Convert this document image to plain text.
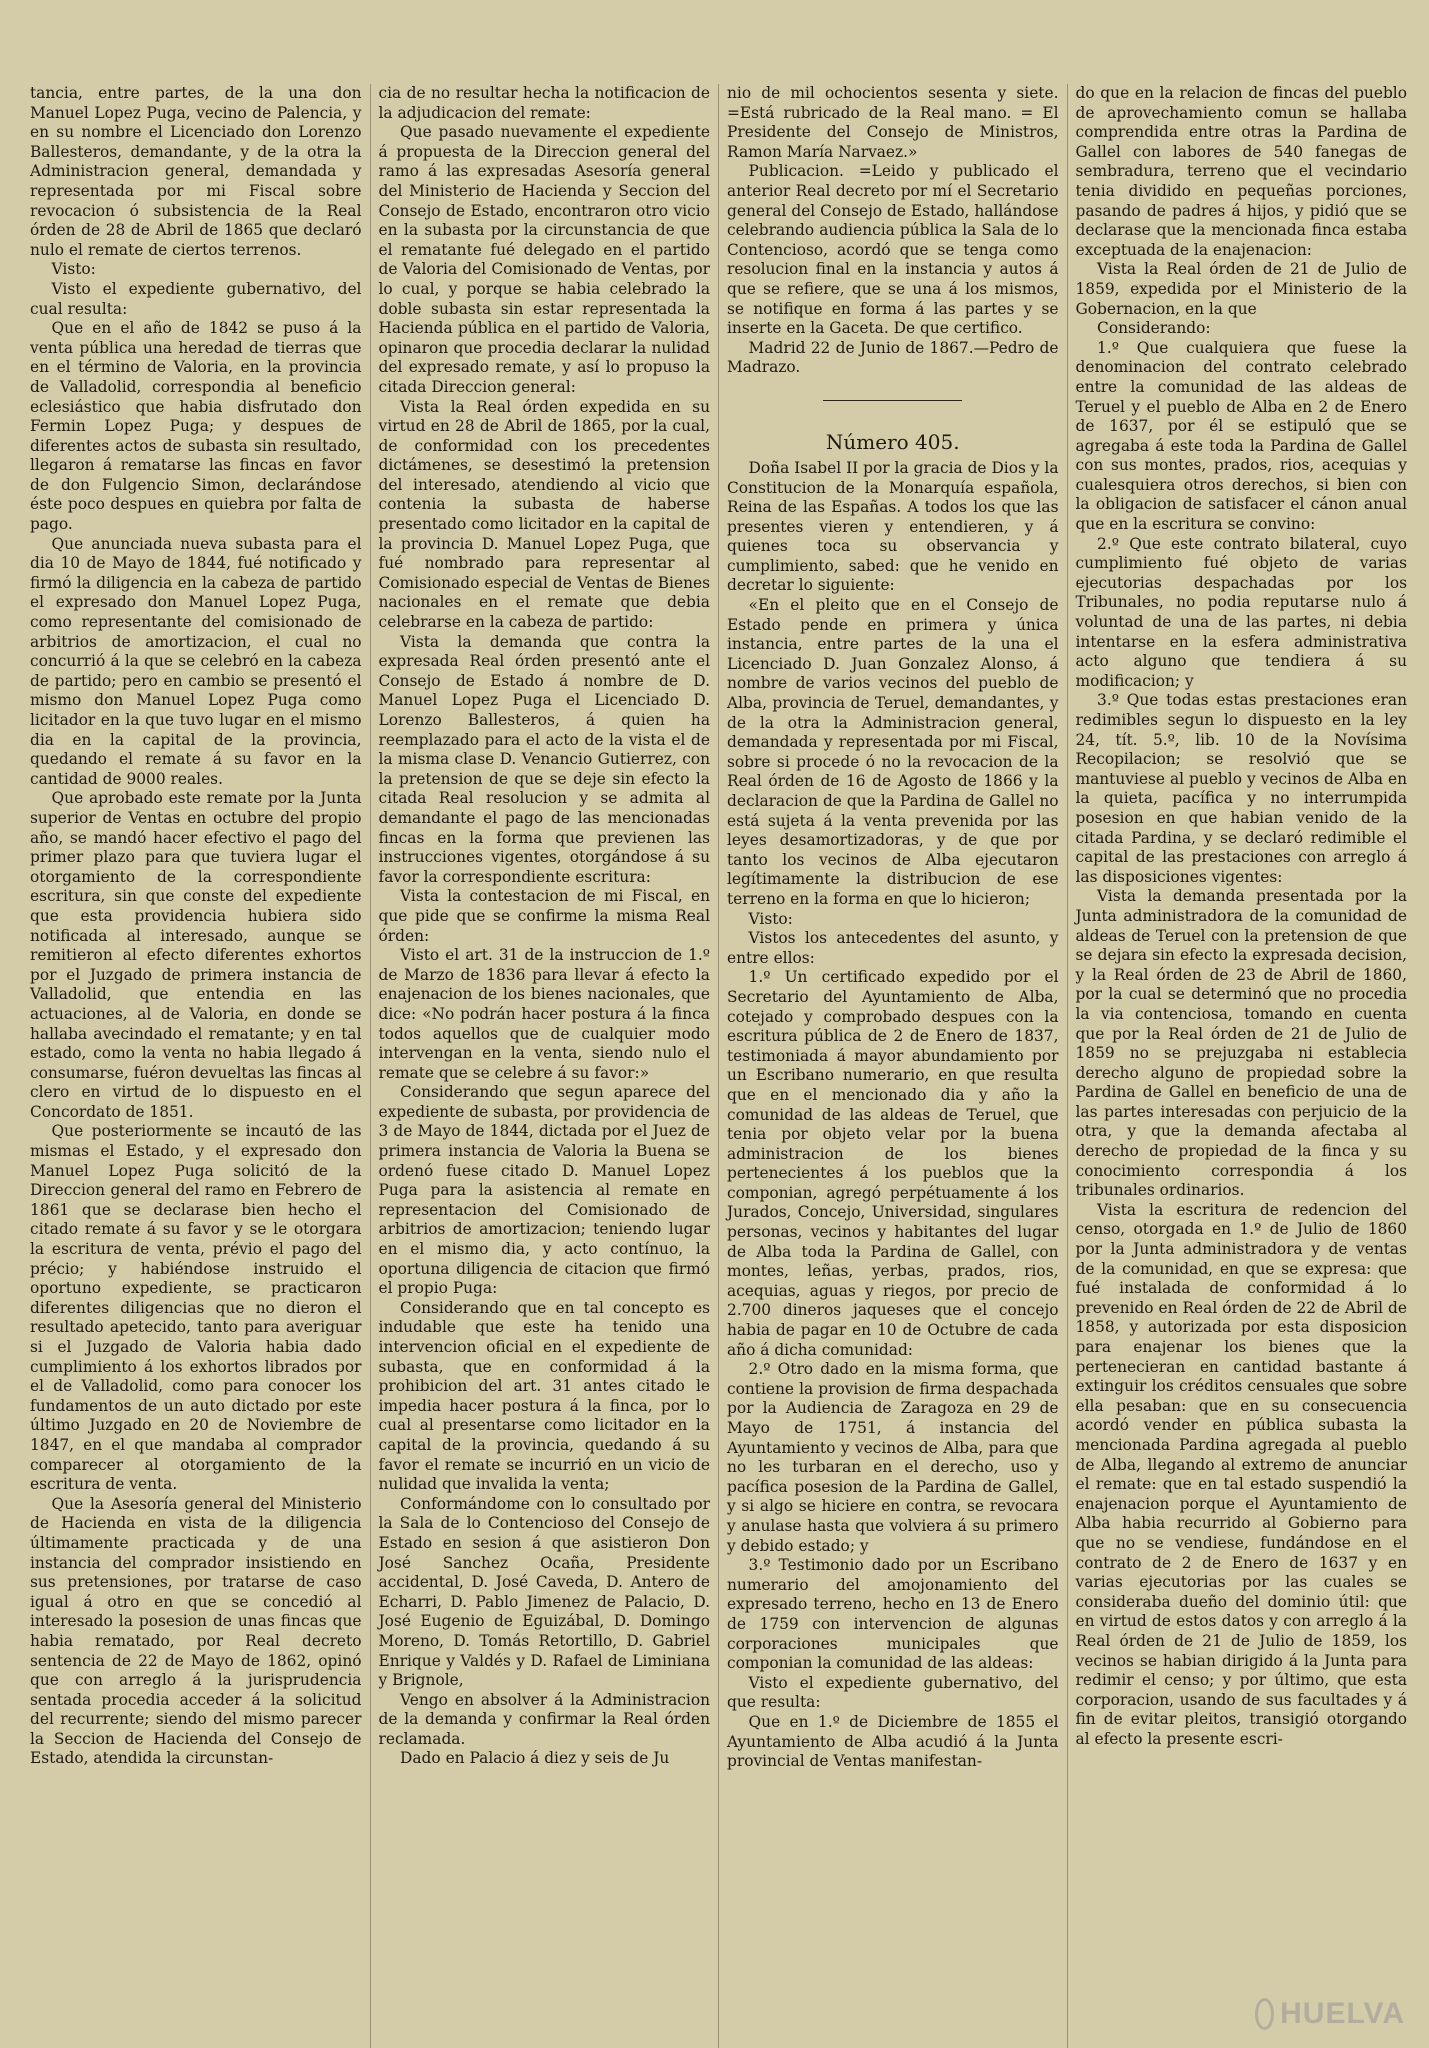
tancia, entre partes, de la una don Manuel Lopez Puga, vecino de Palencia, y en su nombre el Licenciado don Lorenzo Ballesteros, demandante, y de la otra la Administracion general, demandada y representada por mi Fiscal sobre revocacion ó subsistencia de la Real órden de 28 de Abril de 1865 que declaró nulo el remate de ciertos terrenos.

Visto:

Visto el expediente gubernativo, del cual resulta:

Que en el año de 1842 se puso á la venta pública una heredad de tierras que en el término de Valoria, en la provincia de Valladolid, correspondia al beneficio eclesiástico que habia disfrutado don Fermin Lopez Puga; y despues de diferentes actos de subasta sin resultado, llegaron á rematarse las fincas en favor de don Fulgencio Simon, declarándose éste poco despues en quiebra por falta de pago.

Que anunciada nueva subasta para el dia 10 de Mayo de 1844, fué notificado y firmó la diligencia en la cabeza de partido el expresado don Manuel Lopez Puga, como representante del comisionado de arbitrios de amortizacion, el cual no concurrió á la que se celebró en la cabeza de partido; pero en cambio se presentó el mismo don Manuel Lopez Puga como licitador en la que tuvo lugar en el mismo dia en la capital de la provincia, quedando el remate á su favor en la cantidad de 9000 reales.

Que aprobado este remate por la Junta superior de Ventas en octubre del propio año, se mandó hacer efectivo el pago del primer plazo para que tuviera lugar el otorgamiento de la correspondiente escritura, sin que conste del expediente que esta providencia hubiera sido notificada al interesado, aunque se remitieron al efecto diferentes exhortos por el Juzgado de primera instancia de Valladolid, que entendia en las actuaciones, al de Valoria, en donde se hallaba avecindado el rematante; y en tal estado, como la venta no habia llegado á consumarse, fuéron devueltas las fincas al clero en virtud de lo dispuesto en el Concordato de 1851.

Que posteriormente se incautó de las mismas el Estado, y el expresado don Manuel Lopez Puga solicitó de la Direccion general del ramo en Febrero de 1861 que se declarase bien hecho el citado remate á su favor y se le otorgara la escritura de venta, prévio el pago del précio; y habiéndose instruido el oportuno expediente, se practicaron diferentes diligencias que no dieron el resultado apetecido, tanto para averiguar si el Juzgado de Valoria habia dado cumplimiento á los exhortos librados por el de Valladolid, como para conocer los fundamentos de un auto dictado por este último Juzgado en 20 de Noviembre de 1847, en el que mandaba al comprador comparecer al otorgamiento de la escritura de venta.

Que la Asesoría general del Ministerio de Hacienda en vista de la diligencia últimamente practicada y de una instancia del comprador insistiendo en sus pretensiones, por tratarse de caso igual á otro en que se concedió al interesado la posesion de unas fincas que habia rematado, por Real decreto sentencia de 22 de Mayo de 1862, opinó que con arreglo á la jurisprudencia sentada procedia acceder á la solicitud del recurrente; siendo del mismo parecer la Seccion de Hacienda del Consejo de Estado, atendida la circunstan-

cia de no resultar hecha la notificacion de la adjudicacion del remate:

Que pasado nuevamente el expediente á propuesta de la Direccion general del ramo á las expresadas Asesoría general del Ministerio de Hacienda y Seccion del Consejo de Estado, encontraron otro vicio en la subasta por la circunstancia de que el rematante fué delegado en el partido de Valoria del Comisionado de Ventas, por lo cual, y porque se habia celebrado la doble subasta sin estar representada la Hacienda pública en el partido de Valoria, opinaron que procedia declarar la nulidad del expresado remate, y así lo propuso la citada Direccion general:

Vista la Real órden expedida en su virtud en 28 de Abril de 1865, por la cual, de conformidad con los precedentes dictámenes, se desestimó la pretension del interesado, atendiendo al vicio que contenia la subasta de haberse presentado como licitador en la capital de la provincia D. Manuel Lopez Puga, que fué nombrado para representar al Comisionado especial de Ventas de Bienes nacionales en el remate que debia celebrarse en la cabeza de partido:

Vista la demanda que contra la expresada Real órden presentó ante el Consejo de Estado á nombre de D. Manuel Lopez Puga el Licenciado D. Lorenzo Ballesteros, á quien ha reemplazado para el acto de la vista el de la misma clase D. Venancio Gutierrez, con la pretension de que se deje sin efecto la citada Real resolucion y se admita al demandante el pago de las mencionadas fincas en la forma que previenen las instrucciones vigentes, otorgándose á su favor la correspondiente escritura:

Vista la contestacion de mi Fiscal, en que pide que se confirme la misma Real órden:

Visto el art. 31 de la instruccion de 1.º de Marzo de 1836 para llevar á efecto la enajenacion de los bienes nacionales, que dice: «No podrán hacer postura á la finca todos aquellos que de cualquier modo intervengan en la venta, siendo nulo el remate que se celebre á su favor:»

Considerando que segun aparece del expediente de subasta, por providencia de 3 de Mayo de 1844, dictada por el Juez de primera instancia de Valoria la Buena se ordenó fuese citado D. Manuel Lopez Puga para la asistencia al remate en representacion del Comisionado de arbitrios de amortizacion; teniendo lugar en el mismo dia, y acto contínuo, la oportuna diligencia de citacion que firmó el propio Puga:

Considerando que en tal concepto es indudable que este ha tenido una intervencion oficial en el expediente de subasta, que en conformidad á la prohibicion del art. 31 antes citado le impedia hacer postura á la finca, por lo cual al presentarse como licitador en la capital de la provincia, quedando á su favor el remate se incurrió en un vicio de nulidad que invalida la venta;

Conformándome con lo consultado por la Sala de lo Contencioso del Consejo de Estado en sesion á que asistieron Don José Sanchez Ocaña, Presidente accidental, D. José Caveda, D. Antero de Echarri, D. Pablo Jimenez de Palacio, D. José Eugenio de Eguizábal, D. Domingo Moreno, D. Tomás Retortillo, D. Gabriel Enrique y Valdés y D. Rafael de Liminiana y Brignole,

Vengo en absolver á la Administracion de la demanda y confirmar la Real órden reclamada.

Dado en Palacio á diez y seis de Ju

nio de mil ochocientos sesenta y siete. =Está rubricado de la Real mano. = El Presidente del Consejo de Ministros, Ramon María Narvaez.»

Publicacion. =Leido y publicado el anterior Real decreto por mí el Secretario general del Consejo de Estado, hallándose celebrando audiencia pública la Sala de lo Contencioso, acordó que se tenga como resolucion final en la instancia y autos á que se refiere, que se una á los mismos, se notifique en forma á las partes y se inserte en la Gaceta. De que certifico.

Madrid 22 de Junio de 1867.—Pedro de Madrazo.

Número 405.

Doña Isabel II por la gracia de Dios y la Constitucion de la Monarquía española, Reina de las Españas. A todos los que las presentes vieren y entendieren, y á quienes toca su observancia y cumplimiento, sabed: que he venido en decretar lo siguiente:

«En el pleito que en el Consejo de Estado pende en primera y única instancia, entre partes de la una el Licenciado D. Juan Gonzalez Alonso, á nombre de varios vecinos del pueblo de Alba, provincia de Teruel, demandantes, y de la otra la Administracion general, demandada y representada por mi Fiscal, sobre si procede ó no la revocacion de la Real órden de 16 de Agosto de 1866 y la declaracion de que la Pardina de Gallel no está sujeta á la venta prevenida por las leyes desamortizadoras, y de que por tanto los vecinos de Alba ejecutaron legítimamente la distribucion de ese terreno en la forma en que lo hicieron;

Visto:

Vistos los antecedentes del asunto, y entre ellos:

1.º Un certificado expedido por el Secretario del Ayuntamiento de Alba, cotejado y comprobado despues con la escritura pública de 2 de Enero de 1837, testimoniada á mayor abundamiento por un Escribano numerario, en que resulta que en el mencionado dia y año la comunidad de las aldeas de Teruel, que tenia por objeto velar por la buena administracion de los bienes pertenecientes á los pueblos que la componian, agregó perpétuamente á los Jurados, Concejo, Universidad, singulares personas, vecinos y habitantes del lugar de Alba toda la Pardina de Gallel, con montes, leñas, yerbas, prados, rios, acequias, aguas y riegos, por precio de 2.700 dineros jaqueses que el concejo habia de pagar en 10 de Octubre de cada año á dicha comunidad:

2.º Otro dado en la misma forma, que contiene la provision de firma despachada por la Audiencia de Zaragoza en 29 de Mayo de 1751, á instancia del Ayuntamiento y vecinos de Alba, para que no les turbaran en el derecho, uso y pacífica posesion de la Pardina de Gallel, y si algo se hiciere en contra, se revocara y anulase hasta que volviera á su primero y debido estado; y

3.º Testimonio dado por un Escribano numerario del amojonamiento del expresado terreno, hecho en 13 de Enero de 1759 con intervencion de algunas corporaciones municipales que componian la comunidad de las aldeas:

Visto el expediente gubernativo, del que resulta:

Que en 1.º de Diciembre de 1855 el Ayuntamiento de Alba acudió á la Junta provincial de Ventas manifestan-

do que en la relacion de fincas del pueblo de aprovechamiento comun se hallaba comprendida entre otras la Pardina de Gallel con labores de 540 fanegas de sembradura, terreno que el vecindario tenia dividido en pequeñas porciones, pasando de padres á hijos, y pidió que se declarase que la mencionada finca estaba exceptuada de la enajenacion:

Vista la Real órden de 21 de Julio de 1859, expedida por el Ministerio de la Gobernacion, en la que

Considerando:

1.º Que cualquiera que fuese la denominacion del contrato celebrado entre la comunidad de las aldeas de Teruel y el pueblo de Alba en 2 de Enero de 1637, por él se estipuló que se agregaba á este toda la Pardina de Gallel con sus montes, prados, rios, acequias y cualesquiera otros derechos, si bien con la obligacion de satisfacer el cánon anual que en la escritura se convino:

2.º Que este contrato bilateral, cuyo cumplimiento fué objeto de varias ejecutorias despachadas por los Tribunales, no podia reputarse nulo á voluntad de una de las partes, ni debia intentarse en la esfera administrativa acto alguno que tendiera á su modificacion; y

3.º Que todas estas prestaciones eran redimibles segun lo dispuesto en la ley 24, tít. 5.º, lib. 10 de la Novísima Recopilacion; se resolvió que se mantuviese al pueblo y vecinos de Alba en la quieta, pacífica y no interrumpida posesion en que habian venido de la citada Pardina, y se declaró redimible el capital de las prestaciones con arreglo á las disposiciones vigentes:

Vista la demanda presentada por la Junta administradora de la comunidad de aldeas de Teruel con la pretension de que se dejara sin efecto la expresada decision, y la Real órden de 23 de Abril de 1860, por la cual se determinó que no procedia la via contenciosa, tomando en cuenta que por la Real órden de 21 de Julio de 1859 no se prejuzgaba ni establecia derecho alguno de propiedad sobre la Pardina de Gallel en beneficio de una de las partes interesadas con perjuicio de la otra, y que la demanda afectaba al derecho de propiedad de la finca y su conocimiento correspondia á los tribunales ordinarios.

Vista la escritura de redencion del censo, otorgada en 1.º de Julio de 1860 por la Junta administradora y de ventas de la comunidad, en que se expresa: que fué instalada de conformidad á lo prevenido en Real órden de 22 de Abril de 1858, y autorizada por esta disposicion para enajenar los bienes que la pertenecieran en cantidad bastante á extinguir los créditos censuales que sobre ella pesaban: que en su consecuencia acordó vender en pública subasta la mencionada Pardina agregada al pueblo de Alba, llegando al extremo de anunciar el remate: que en tal estado suspendió la enajenacion porque el Ayuntamiento de Alba habia recurrido al Gobierno para que no se vendiese, fundándose en el contrato de 2 de Enero de 1637 y en varias ejecutorias por las cuales se consideraba dueño del dominio útil: que en virtud de estos datos y con arreglo á la Real órden de 21 de Julio de 1859, los vecinos se habian dirigido á la Junta para redimir el censo; y por último, que esta corporacion, usando de sus facultades y á fin de evitar pleitos, transigió otorgando al efecto la presente escri-

HUELVA
